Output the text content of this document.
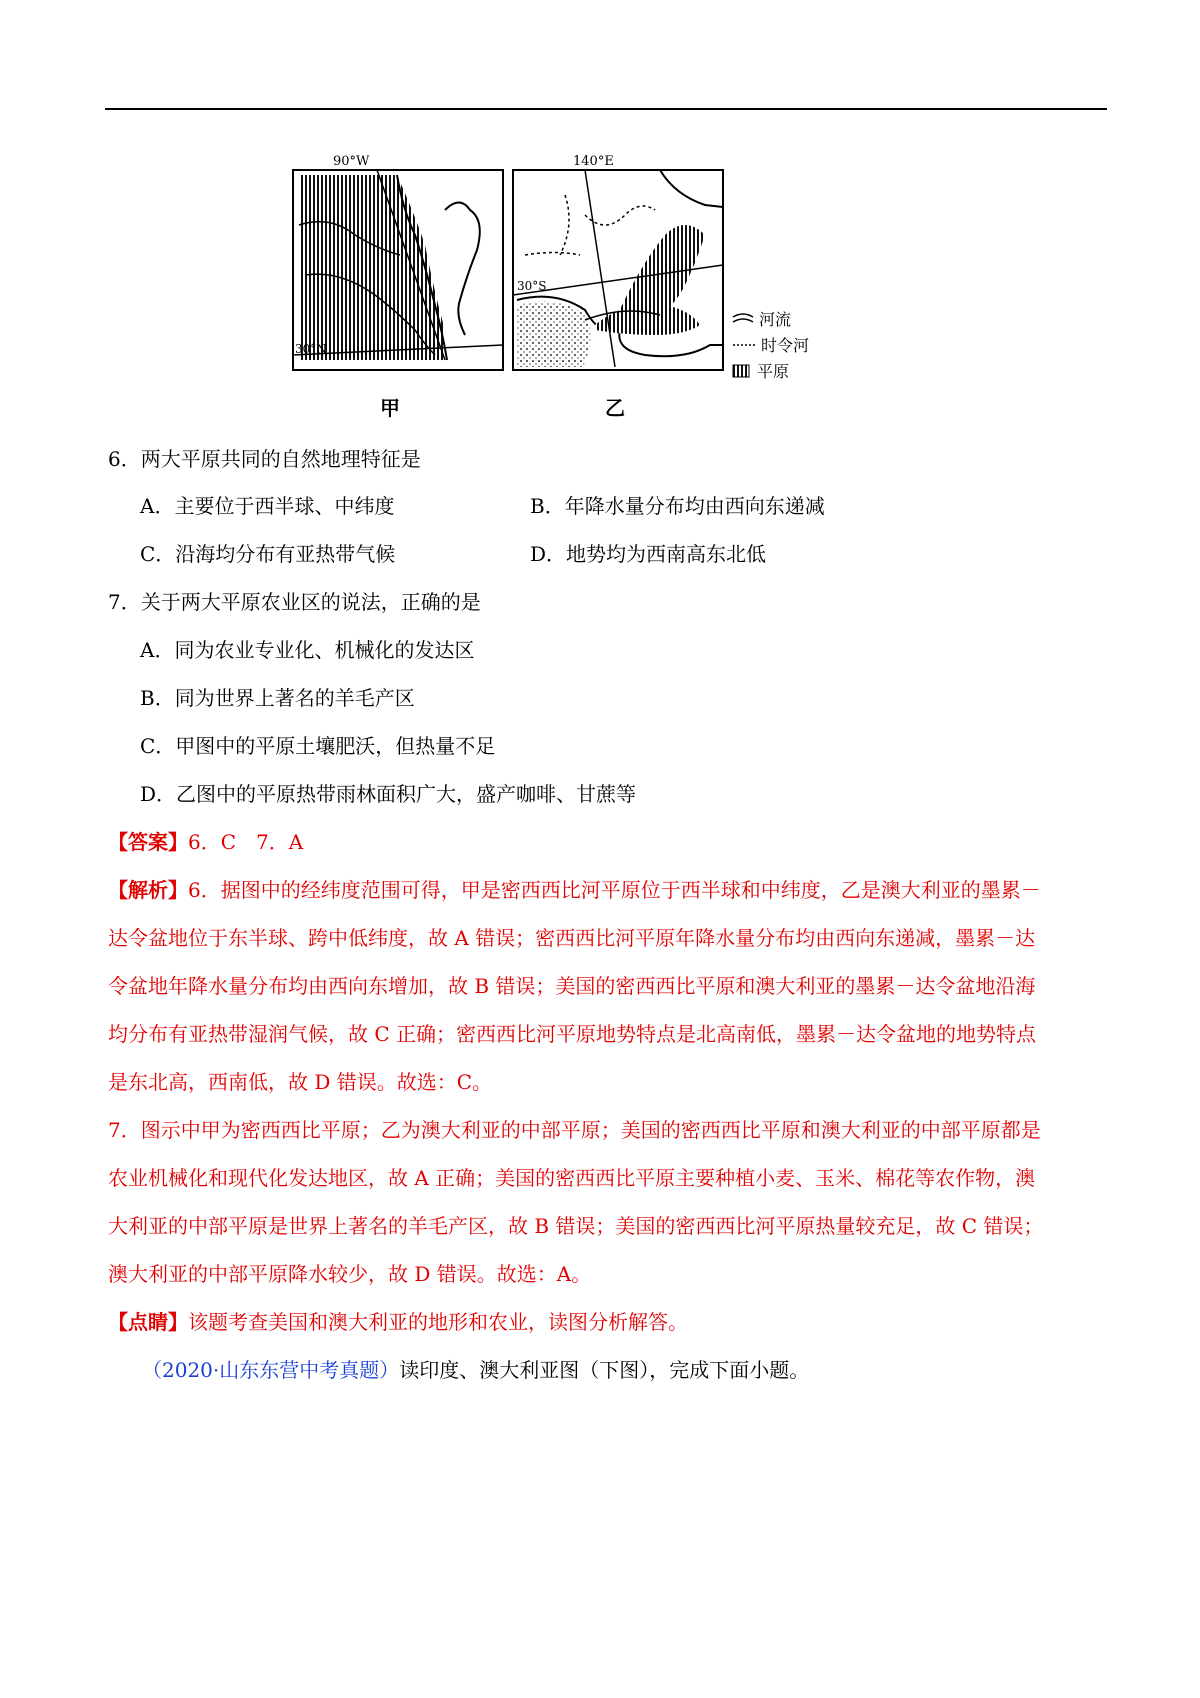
90°W
30°N
甲
140°E
30°S
乙
河流
时令河
平原
6．两大平原共同的自然地理特征是
A．主要位于西半球、中纬度	B．年降水量分布均由西向东递减
C．沿海均分布有亚热带气候	D．地势均为西南高东北低
7．关于两大平原农业区的说法，正确的是
A．同为农业专业化、机械化的发达区
B．同为世界上著名的羊毛产区
C．甲图中的平原土壤肥沃，但热量不足
D．乙图中的平原热带雨林面积广大，盛产咖啡、甘蔗等
【答案】6．C　7．A
【解析】6．据图中的经纬度范围可得，甲是密西西比河平原位于西半球和中纬度，乙是澳大利亚的墨累－
达令盆地位于东半球、跨中低纬度，故 A 错误；密西西比河平原年降水量分布均由西向东递减，墨累－达
令盆地年降水量分布均由西向东增加，故 B 错误；美国的密西西比平原和澳大利亚的墨累－达令盆地沿海
均分布有亚热带湿润气候，故 C 正确；密西西比河平原地势特点是北高南低，墨累－达令盆地的地势特点
是东北高，西南低，故 D 错误。故选：C。
7．图示中甲为密西西比平原；乙为澳大利亚的中部平原；美国的密西西比平原和澳大利亚的中部平原都是
农业机械化和现代化发达地区，故 A 正确；美国的密西西比平原主要种植小麦、玉米、棉花等农作物，澳
大利亚的中部平原是世界上著名的羊毛产区，故 B 错误；美国的密西西比河平原热量较充足，故 C 错误；
澳大利亚的中部平原降水较少，故 D 错误。故选：A。
【点睛】该题考查美国和澳大利亚的地形和农业，读图分析解答。
（2020·山东东营中考真题）读印度、澳大利亚图（下图），完成下面小题。
